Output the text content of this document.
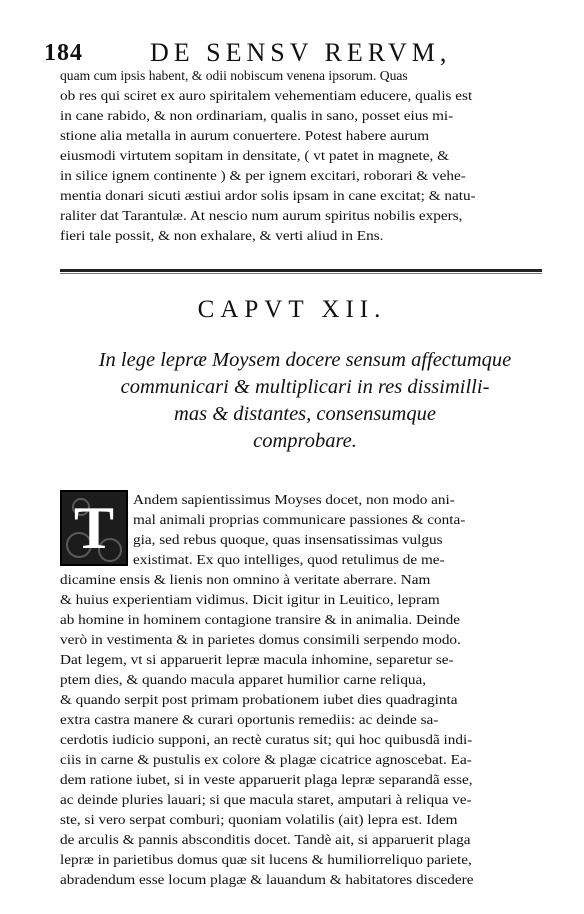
184	DE SENSV RERVM,
quam cum ipsis habent, & odii nobiscum venena ipsorum. Quas
ob res qui sciret ex auro spiritalem vehementiam educere, qualis est
in cane rabido, & non ordinariam, qualis in sano, posset eius mi-
stione alia metalla in aurum conuertere. Potest habere aurum
eiusmodi virtutem sopitam in densitate, ( vt patet in magnete, &
in silice ignem continente ) & per ignem excitari, roborari & vehe-
mentia donari sicuti æstiui ardor solis ipsam in cane excitat; & natu-
raliter dat Tarantulæ. At nescio num aurum spiritus nobilis expers,
fieri tale possit, & non exhalare, & verti aliud in Ens.
CAPVT XII.
In lege lepræ Moysem docere sensum affectumque
communicari & multiplicari in res dissimilli-
mas & distantes, consensumque
comprobare.
T	Andem sapientissimus Moyses docet, non modo ani-
mal animali proprias communicare passiones & conta-
gia, sed rebus quoque, quas insensatissimas vulgus
existimat. Ex quo intelliges, quod retulimus de me-
dicamine ensis & lienis non omnino à veritate aberrare. Nam
& huius experientiam vidimus. Dicit igitur in Leuitico, lepram
ab homine in hominem contagione transire & in animalia. Deinde
verò in vestimenta & in parietes domus consimili serpendo modo.
Dat legem, vt si apparuerit lepræ macula inhomine, separetur se-
ptem dies, & quando macula apparet humilior carne reliqua,
& quando serpit post primam probationem iubet dies quadraginta
extra castra manere & curari oportunis remediis: ac deinde sa-
cerdotis iudicio supponi, an rectè curatus sit; qui hoc quibusdã indi-
ciis in carne & pustulis ex colore & plagæ cicatrice agnoscebat. Ea-
dem ratione iubet, si in veste apparuerit plaga lepræ separandã esse,
ac deinde pluries lauari; si que macula staret, amputari à reliqua ve-
ste, si vero serpat comburi; quoniam volatilis (ait) lepra est. Idem
de arculis & pannis absconditis docet. Tandè ait, si apparuerit plaga
lepræ in parietibus domus quæ sit lucens & humiliorreliquo pariete,
abradendum esse locum plagæ & lauandum & habitatores discedere
